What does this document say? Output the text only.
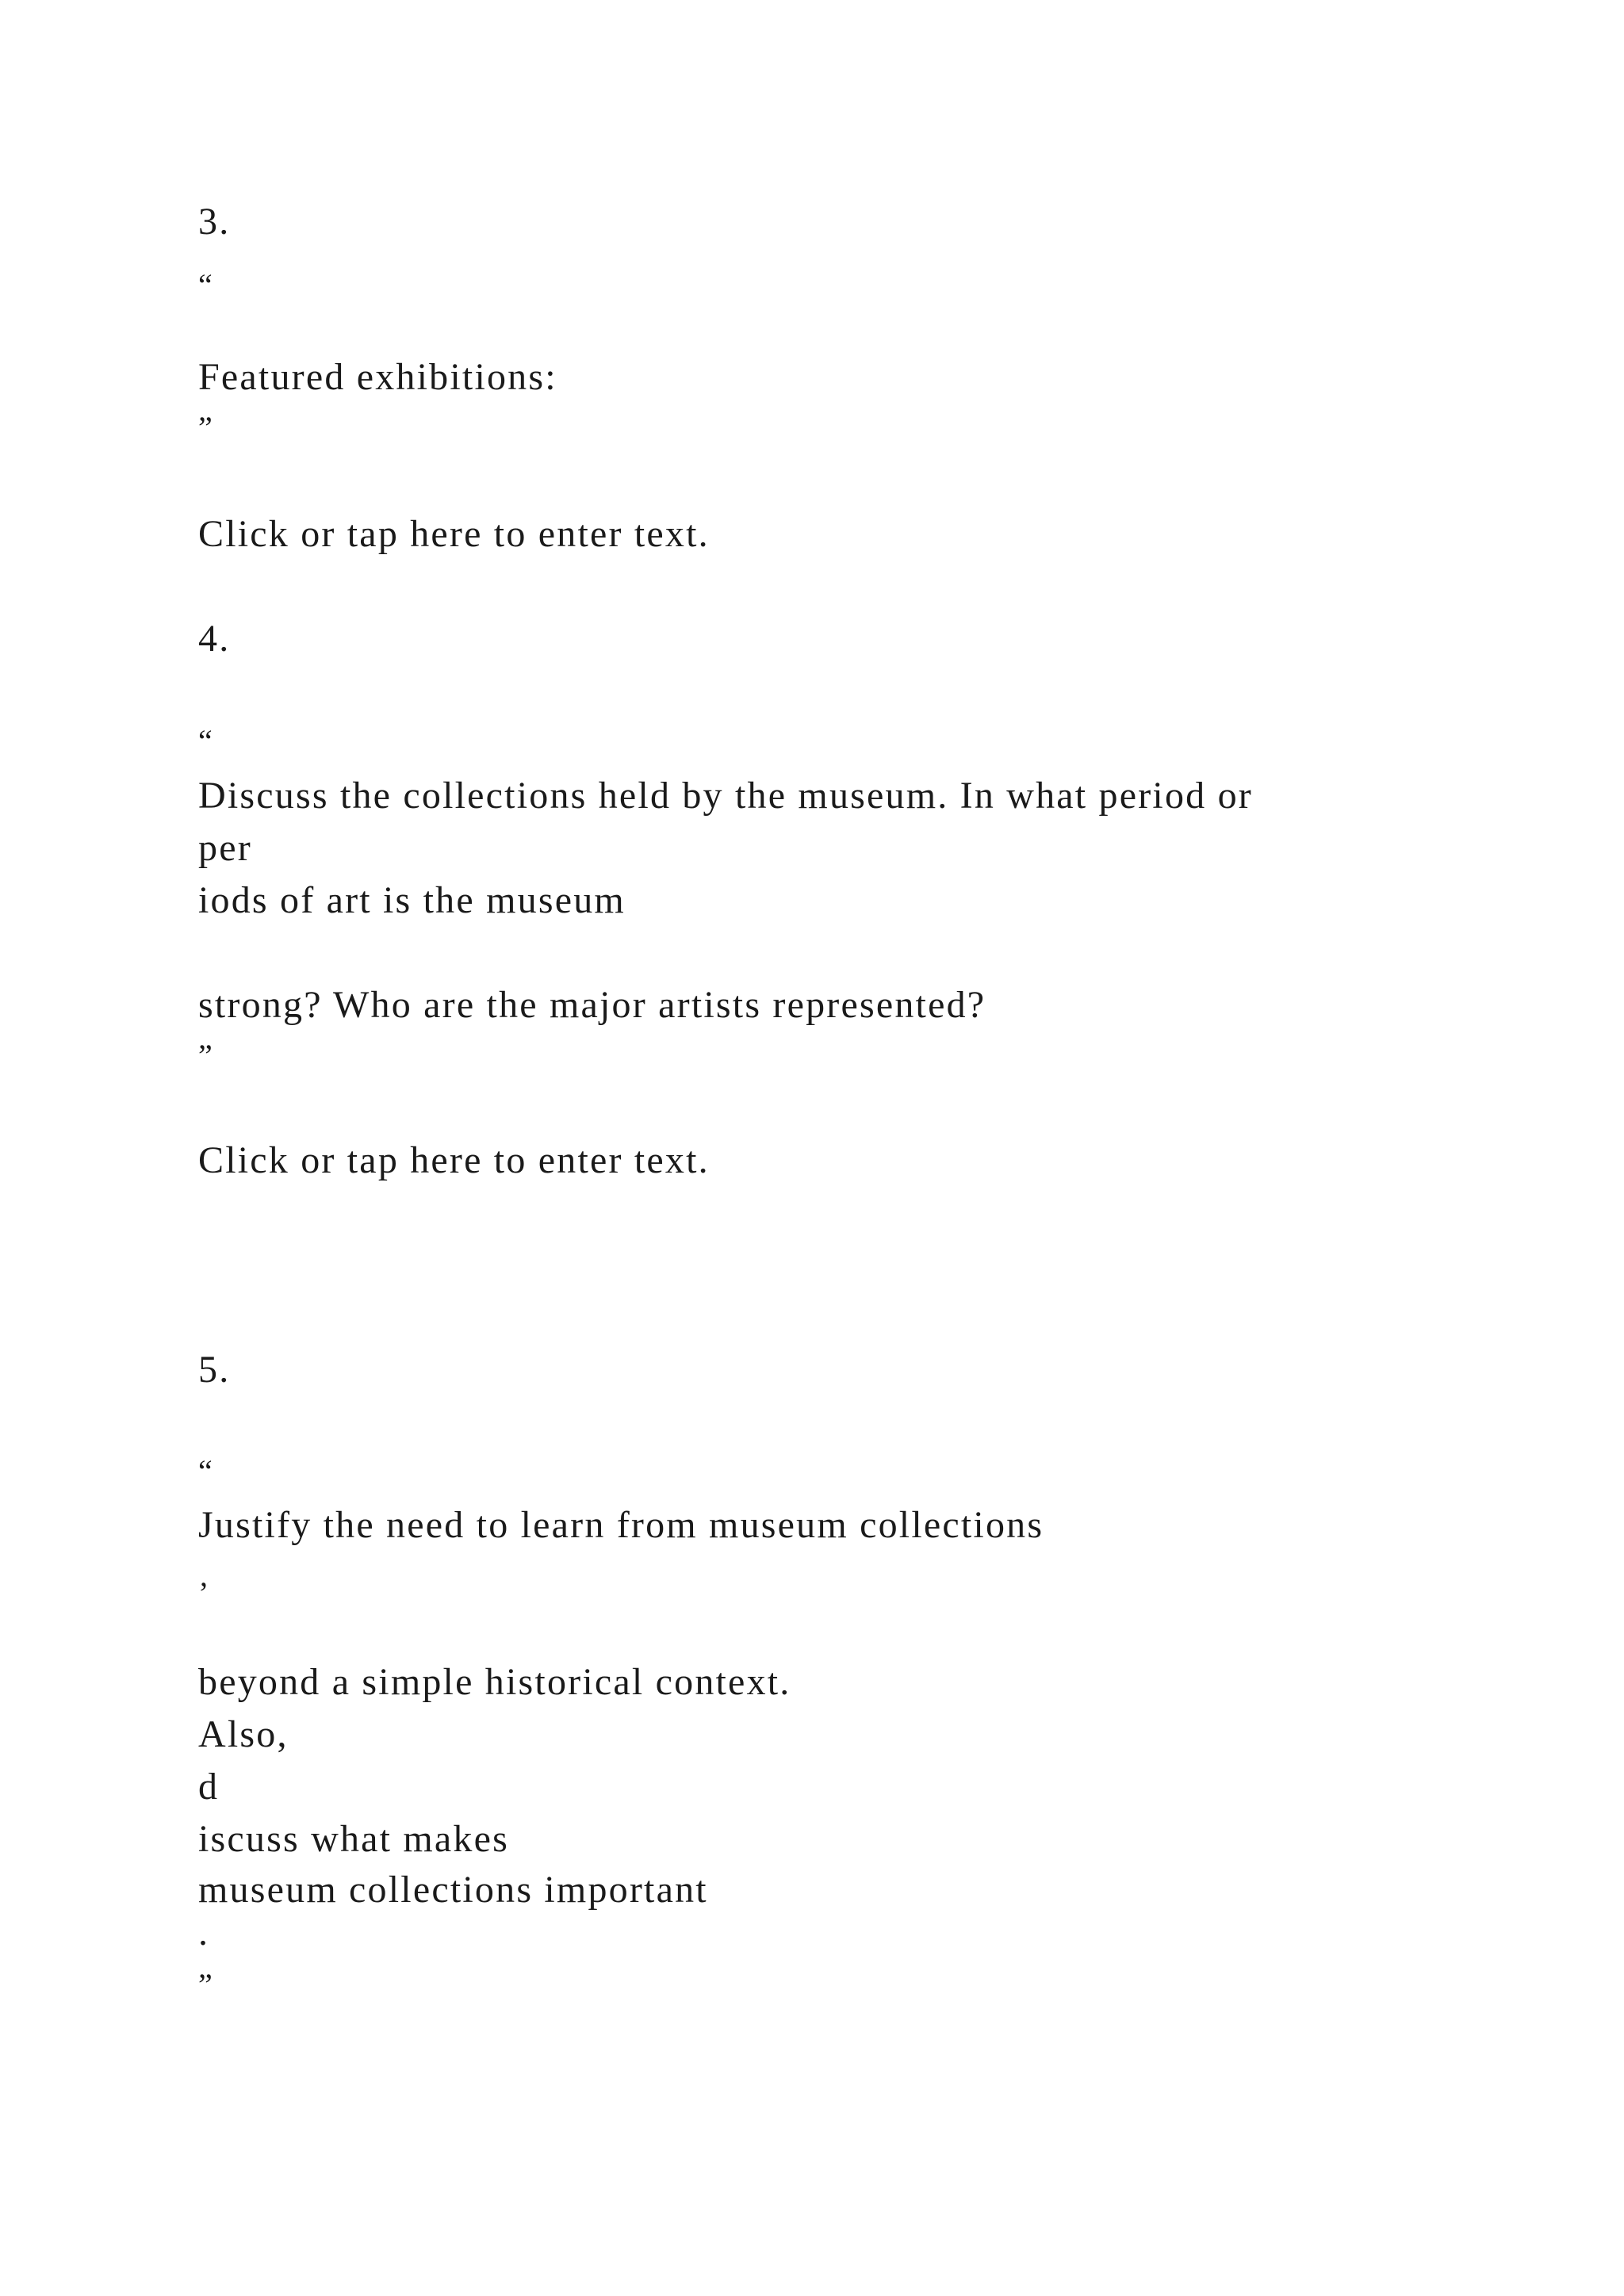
3.

“

Featured exhibitions:

”

Click or tap here to enter text.

4.

“

Discuss the collections held by the museum. In what period or

per

iods of art is the museum

strong? Who are the major artists represented?

”

Click or tap here to enter text.

5.

“

Justify the need to learn from museum collections

’

beyond a simple historical context.

Also,

d

iscuss what makes

museum collections important

.

”
